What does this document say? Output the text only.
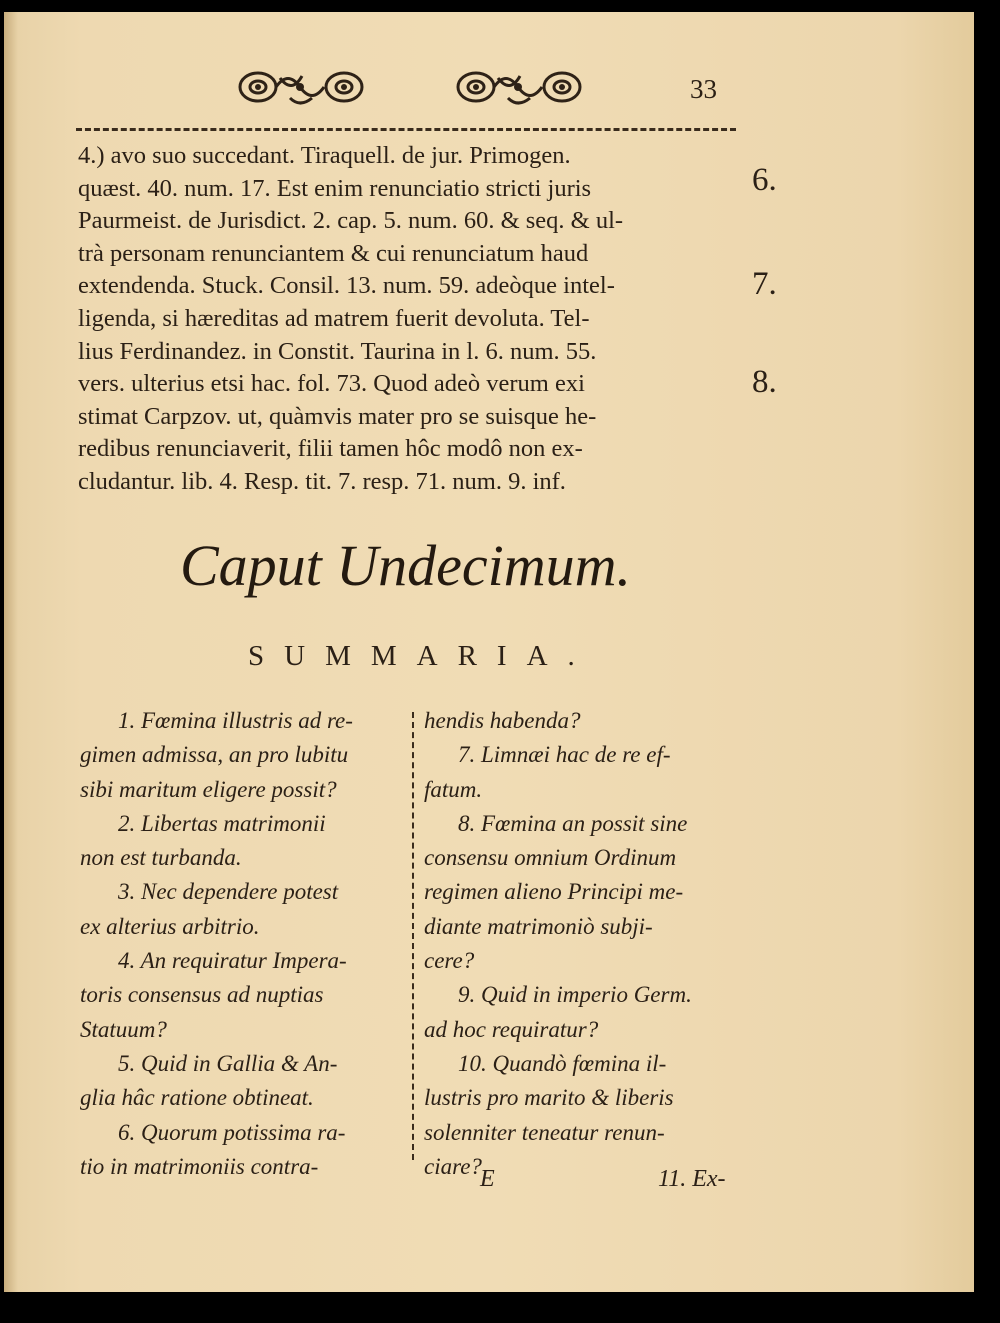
33
4.) avo suo succedant. Tiraquell. de jur. Primogen.
quæst. 40. num. 17. Est enim renunciatio stricti juris
Paurmeist. de Jurisdict. 2. cap. 5. num. 60. & seq. & ul-
trà personam renunciantem & cui renunciatum haud
extendenda. Stuck. Consil. 13. num. 59. adeòque intel-
ligenda, si hæreditas ad matrem fuerit devoluta. Tel-
lius Ferdinandez. in Constit. Taurina in l. 6. num. 55.
vers. ulterius etsi hac. fol. 73. Quod adeò verum exi
stimat Carpzov. ut, quàmvis mater pro se suisque he-
redibus renunciaverit, filii tamen hôc modô non ex-
cludantur. lib. 4. Resp. tit. 7. resp. 71. num. 9. inf.
6.
7.
8.
Caput Undecimum.
SUMMARIA.
1. Fœmina illustris ad re-
gimen admissa, an pro lubitu
sibi maritum eligere possit?
2. Libertas matrimonii
non est turbanda.
3. Nec dependere potest
ex alterius arbitrio.
4. An requiratur Impera-
toris consensus ad nuptias
Statuum?
5. Quid in Gallia & An-
glia hâc ratione obtineat.
6. Quorum potissima ra-
tio in matrimoniis contra-
hendis habenda?
7. Limnæi hac de re ef-
fatum.
8. Fœmina an possit sine
consensu omnium Ordinum
regimen alieno Principi me-
diante matrimoniò subji-
cere?
9. Quid in imperio Germ.
ad hoc requiratur?
10. Quandò fœmina il-
lustris pro marito & liberis
solenniter teneatur renun-
ciare?
E	11. Ex-
